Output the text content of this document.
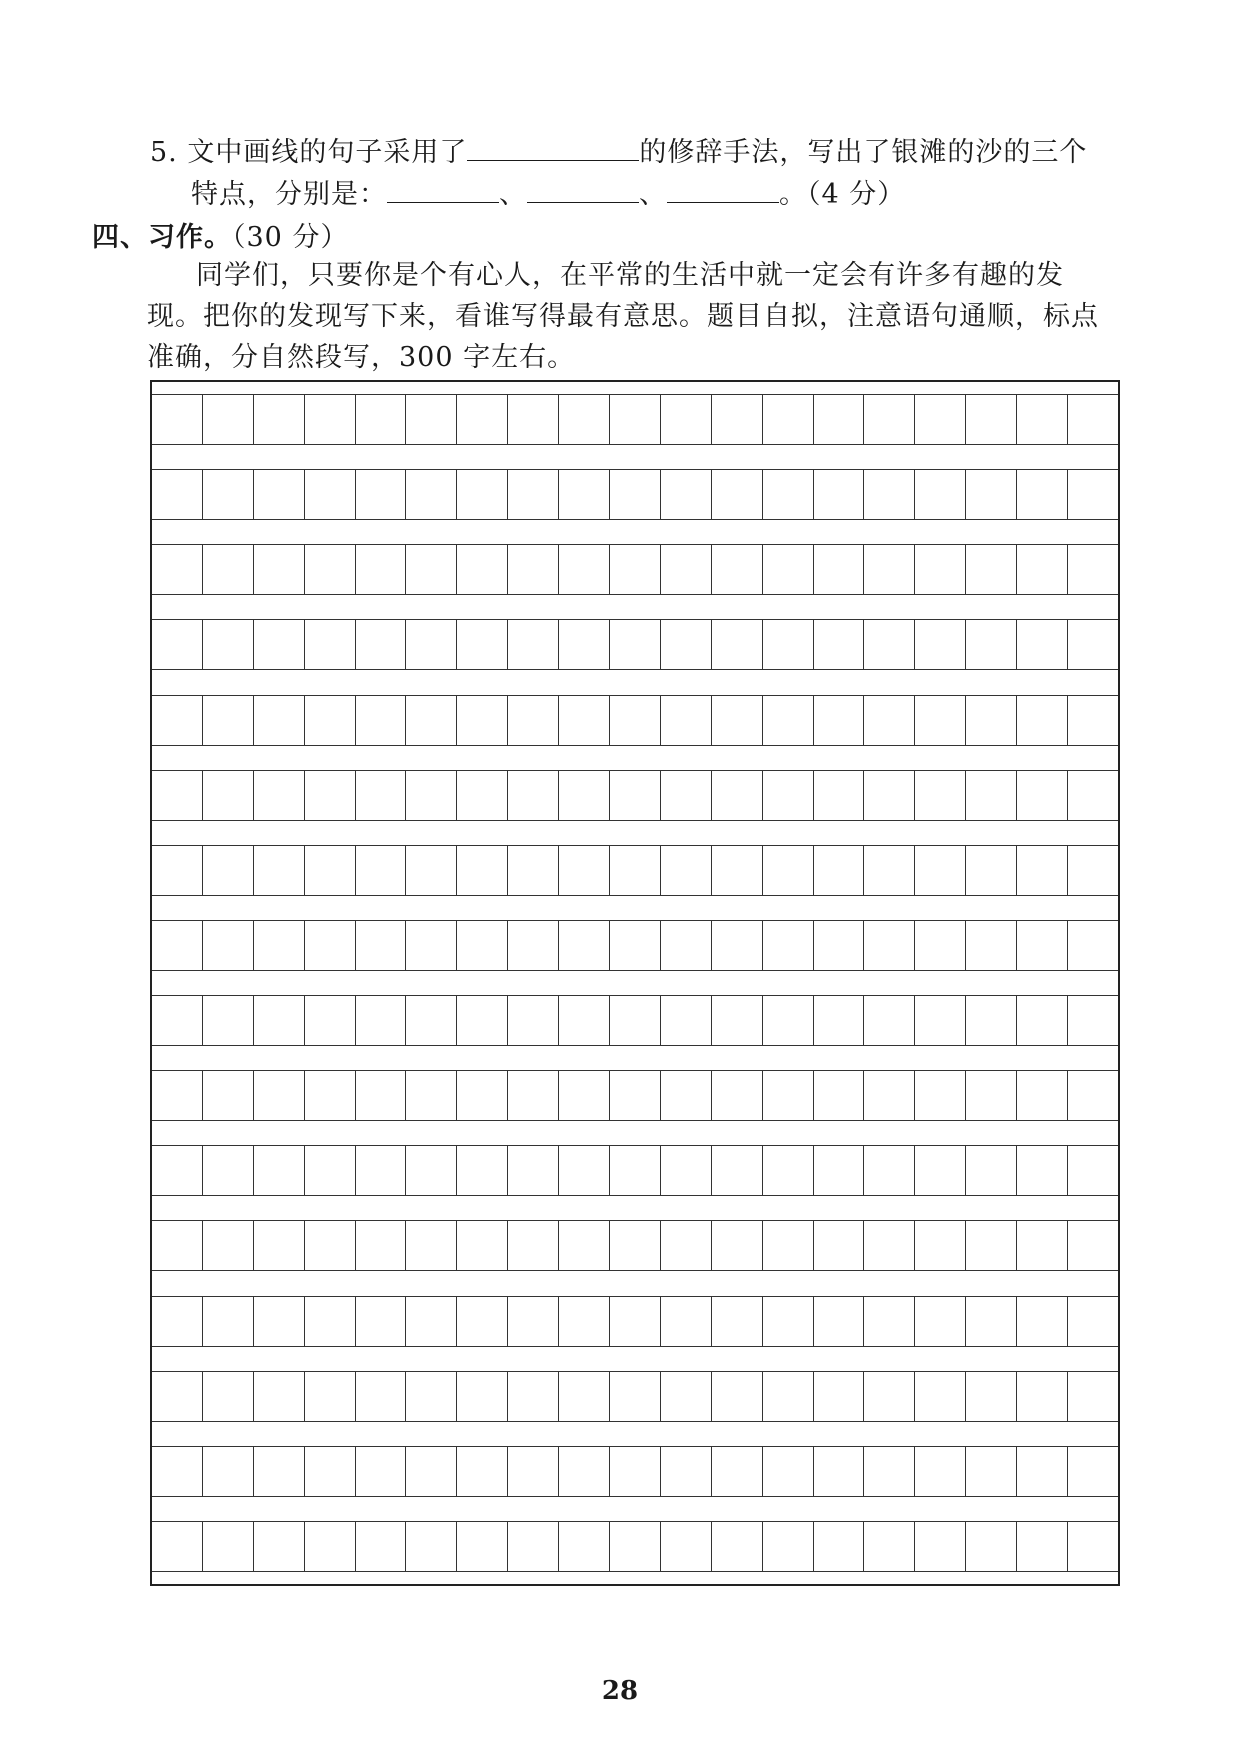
5. 文中画线的句子采用了	的修辞手法，写出了银滩的沙的三个
特点，分别是：	、	、	。（4 分）
四、习作。（30 分）
同学们，只要你是个有心人，在平常的生活中就一定会有许多有趣的发
现。把你的发现写下来，看谁写得最有意思。题目自拟，注意语句通顺，标点
准确，分自然段写，300 字左右。
28
